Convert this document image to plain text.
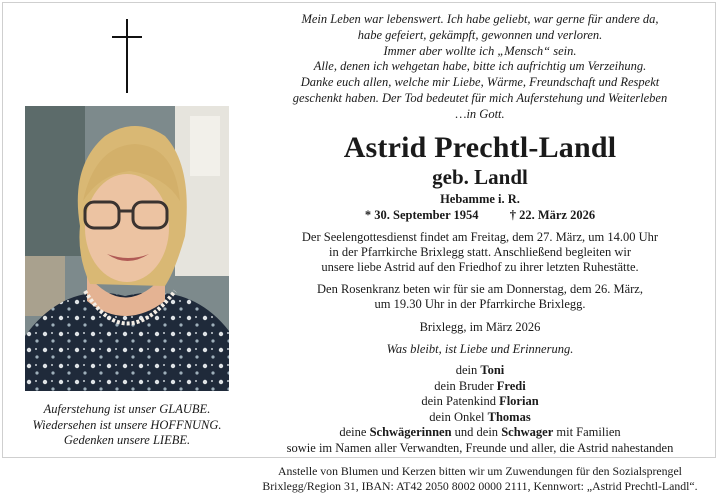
Auferstehung ist unser GLAUBE.
Wiedersehen ist unsere HOFFNUNG.
Gedenken unsere LIEBE.
Mein Leben war lebenswert. Ich habe geliebt, war gerne für andere da,
habe gefeiert, gekämpft, gewonnen und verloren.
Immer aber wollte ich „Mensch“ sein.
Alle, denen ich wehgetan habe, bitte ich aufrichtig um Verzeihung.
Danke euch allen, welche mir Liebe, Wärme, Freundschaft und Respekt
geschenkt haben. Der Tod bedeutet für mich Auferstehung und Weiterleben
…in Gott.
Astrid Prechtl-Landl
geb. Landl
Hebamme i. R.
* 30. September 1954 † 22. März 2026
Der Seelengottesdienst findet am Freitag, dem 27. März, um 14.00 Uhr
in der Pfarrkirche Brixlegg statt. Anschließend begleiten wir
unsere liebe Astrid auf den Friedhof zu ihrer letzten Ruhestätte.
Den Rosenkranz beten wir für sie am Donnerstag, dem 26. März,
um 19.30 Uhr in der Pfarrkirche Brixlegg.
Brixlegg, im März 2026
Was bleibt, ist Liebe und Erinnerung.
dein Toni
dein Bruder Fredi
dein Patenkind Florian
dein Onkel Thomas
deine Schwägerinnen und dein Schwager mit Familien
sowie im Namen aller Verwandten, Freunde und aller, die Astrid nahestanden
Anstelle von Blumen und Kerzen bitten wir um Zuwendungen für den Sozialsprengel
Brixlegg/Region 31, IBAN: AT42 2050 8002 0000 2111, Kennwort: „Astrid Prechtl-Landl“.
